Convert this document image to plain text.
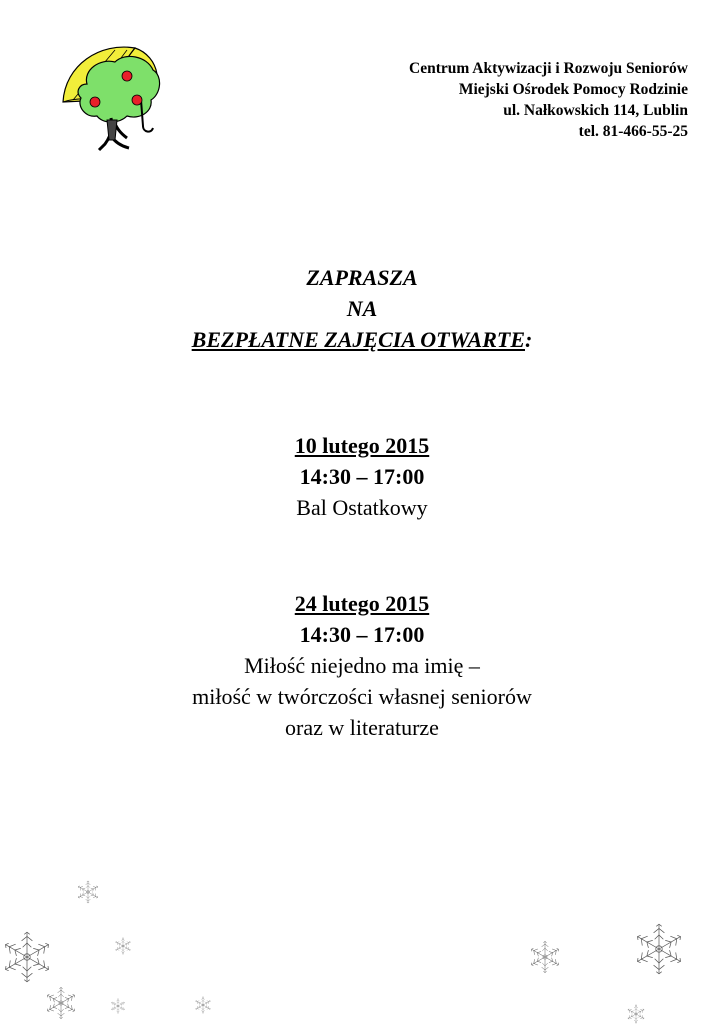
Centrum Aktywizacji i Rozwoju Seniorów
Miejski Ośrodek Pomocy Rodzinie
ul. Nałkowskich 114, Lublin
tel. 81-466-55-25
ZAPRASZA
NA
BEZPŁATNE ZAJĘCIA OTWARTE:
10 lutego 2015
14:30 – 17:00
Bal Ostatkowy
24 lutego 2015
14:30 – 17:00
Miłość niejedno ma imię –
miłość w twórczości własnej seniorów
oraz w literaturze
